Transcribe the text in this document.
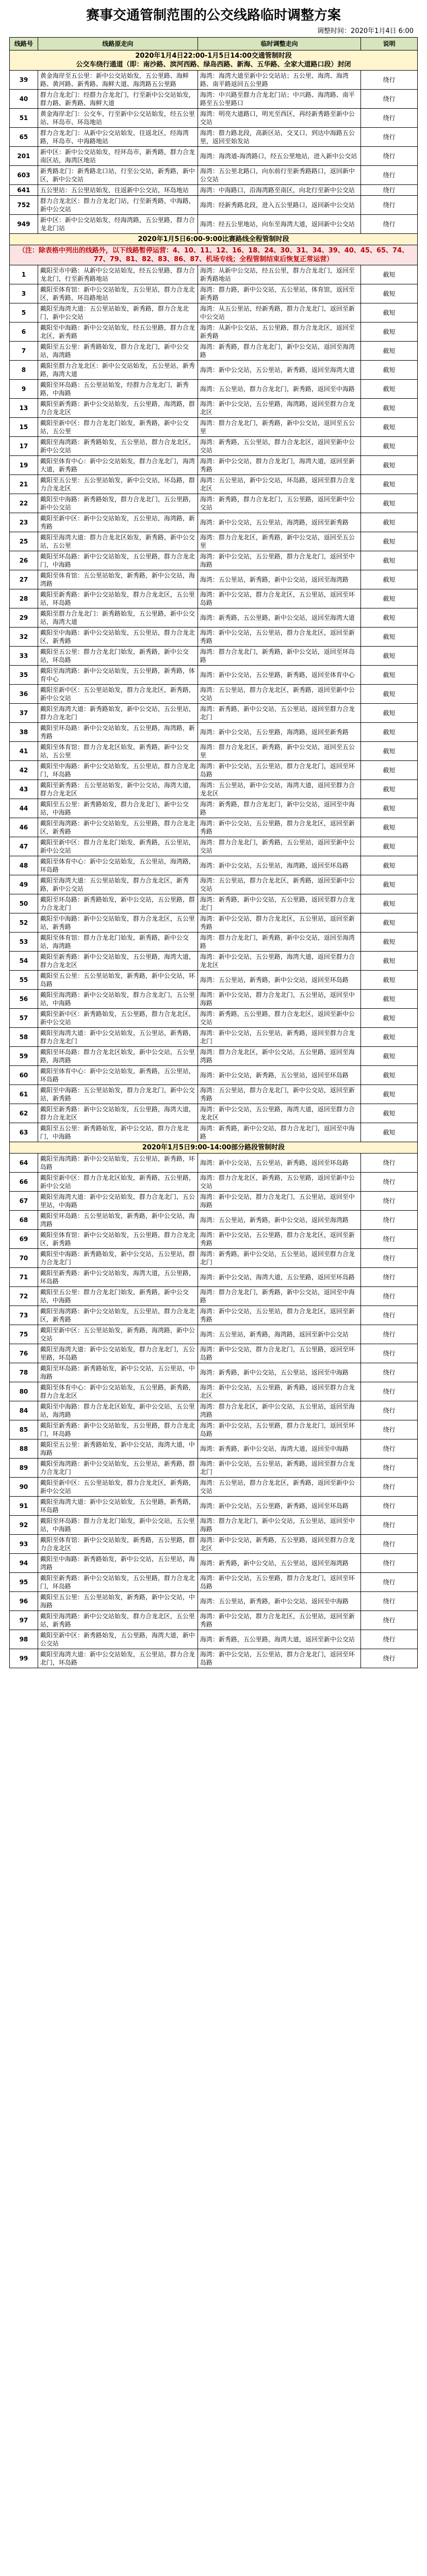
赛事交通管制范围的公交线路临时调整方案
调整时间：2020年1月4日 6:00
线路号	线路原走向	临时调整走向	说明
2020年1月4日22:00-1月5日14:00交通管制时段
公交车绕行通道（即：南沙路、滨河西路、绿岛西路、新海、五华路、全家大道路口段）封闭			
39	黄金海岸至五公里：新中公交站始发，五公里路、海鲜路、黄河路、新秀路、海鲜大道、海湾路五公里路	海湾：海湾大道至新中公交站站；五公里、海湾、海湾路、南平路返回五公里路	绕行
40	群力合龙北门：经群力合龙北门，行至新中公交站始发，群力路、新秀路、海鲜大道	海湾：中兴路至群力合龙北门站；中兴路、海湾路、南平路至五公里路口	绕行
51	黄金海岸北门：公交车，行至新中公交站始发，经五公里站、环岛市、环岛地站	海湾：明亮大道路口，明光至西区，再经新秀路至新中公交站	绕行
65	群力合龙北门：从新中公交站始发，往返北区，经海湾路，环岛市、中海路地站	海湾：群力路北段，高新区站，交叉口，到达中海路五公里，返回至始发站	绕行
201	新中区：新中公交站始发，经环岛市，新秀路，群力合龙南区站，海湾区地站	海湾：海湾道-海湾路口，经五公里地站，进入新中公交站	绕行
603	新秀路北门：新秀路北口站，行至公交站，新秀路，新中区，新中公交站	海湾：五公里北路口，向东前行至新秀路路口，返回新中公交站	绕行
641	五公里站：五公里站始发，往返新中公交站，环岛地站	海湾：中海路口，沿海湾路至南区，向北行至新中公交站	绕行
752	群力合龙北区：群力合龙北门站，行至新秀路，中海路，新中公交站	海湾：经新秀路北段，进入五公里路口，返回新中公交站	绕行
949	新中区：新中公交站始发，经海湾路，五公里路，群力合龙北门站	海湾：经五公里地站，向东至海湾大道，返回新中公交站	绕行
2020年1月5日6:00-9:00比赛路线全程管制时段			
（注：除表格中列出的线路外，以下线路暂停运营：4、10、11、12、16、18、24、30、31、34、39、40、45、65、74、77、79、81、82、83、86、87、机场专线；全程管制结束后恢复正常运营）			
1	戴阳至市中路：从新中公交站始发，经五公里路，群力合龙北门，行至新秀路地站	海湾：从新中公交站，经五公里，群力合龙北门，返回至新秀路地站	截短
3	戴阳至体育馆：新中公交站始发，五公里站，群力合龙北区，新秀路，环岛路地站	海湾：群力路，新中公交站，五公里站，体育馆，返回至新秀路	截短
5	戴阳至海湾大道：五公里站始发，新秀路，群力合龙北门，新中公交站	海湾：从五公里站，经新秀路，群力合龙北门，返回至新中公交站	截短
6	戴阳至中海路：新中公交站始发，经五公里路，群力合龙北区，新秀路	海湾：从新中公交站，五公里路，群力合龙北区，返回至新秀路	截短
7	戴阳至五公里：新秀路始发，群力合龙北门，新中公交站，海湾路	海湾：新秀路，群力合龙北门，新中公交站，返回至海湾路	截短
8	戴阳至群力合龙北区：新中公交站始发，五公里站，新秀路，海湾大道	海湾：新中公交站，五公里站，新秀路，返回至海湾大道	截短
9	戴阳至环岛路：五公里站始发，经群力合龙北门，新秀路，中海路	海湾：五公里站，群力合龙北门，新秀路，返回至中海路	截短
13	戴阳至新秀路：新中公交站始发，五公里路，海湾路，群力合龙北区	海湾：新中公交站，五公里路，海湾路，返回至群力合龙北区	截短
15	戴阳至新中区：群力合龙北门始发，新秀路，新中公交站，五公里	海湾：群力合龙北门，新秀路，新中公交站，返回至五公里	截短
17	戴阳至海湾路：新秀路始发，五公里站，群力合龙北区，新中公交站	海湾：新秀路，五公里站，群力合龙北区，返回至新中公交站	截短
19	戴阳至体育中心：新中公交站始发，群力合龙北门，海湾大道，新秀路	海湾：新中公交站，群力合龙北门，海湾大道，返回至新秀路	截短
21	戴阳至五公里：五公里站始发，新中公交站，环岛路，群力合龙北区	海湾：五公里站，新中公交站，环岛路，返回至群力合龙北区	截短
22	戴阳至中海路：新秀路始发，群力合龙北门，五公里路，新中公交站	海湾：新秀路，群力合龙北门，五公里路，返回至新中公交站	截短
23	戴阳至新中区：新中公交站始发，五公里站，海湾路，新秀路	海湾：新中公交站，五公里站，海湾路，返回至新秀路	截短
25	戴阳至海湾大道：群力合龙北区始发，新秀路，新中公交站，五公里	海湾：群力合龙北区，新秀路，新中公交站，返回至五公里	截短
26	戴阳至环岛路：新中公交站始发，五公里路，群力合龙北门，中海路	海湾：新中公交站，五公里路，群力合龙北门，返回至中海路	截短
27	戴阳至体育馆：五公里站始发，新秀路，新中公交站，海湾路	海湾：五公里站，新秀路，新中公交站，返回至海湾路	截短
28	戴阳至新秀路：新中公交站始发，群力合龙北区，五公里站，环岛路	海湾：新中公交站，群力合龙北区，五公里站，返回至环岛路	截短
29	戴阳至群力合龙北门：新秀路始发，五公里路，新中公交站，海湾大道	海湾：新秀路，五公里路，新中公交站，返回至海湾大道	截短
32	戴阳至中海路：新中公交站始发，五公里站，群力合龙北区，新秀路	海湾：新中公交站，五公里站，群力合龙北区，返回至新秀路	截短
33	戴阳至五公里：群力合龙北门始发，新秀路，新中公交站，环岛路	海湾：群力合龙北门，新秀路，新中公交站，返回至环岛路	截短
35	戴阳至海湾路：新中公交站始发，五公里路，新秀路，体育中心	海湾：新中公交站，五公里路，新秀路，返回至体育中心	截短
36	戴阳至新中区：五公里站始发，群力合龙北区，新秀路，新中公交站	海湾：五公里站，群力合龙北区，新秀路，返回至新中公交站	截短
37	戴阳至海湾大道：新秀路始发，新中公交站，五公里站，群力合龙北门	海湾：新秀路，新中公交站，五公里站，返回至群力合龙北门	截短
38	戴阳至环岛路：新中公交站始发，五公里路，海湾路，新秀路	海湾：新中公交站，五公里路，海湾路，返回至新秀路	截短
41	戴阳至体育馆：群力合龙北区始发，新秀路，新中公交站，五公里	海湾：群力合龙北区，新秀路，新中公交站，返回至五公里	截短
42	戴阳至中海路：新中公交站始发，五公里站，群力合龙北门，环岛路	海湾：新中公交站，五公里站，群力合龙北门，返回至环岛路	截短
43	戴阳至新秀路：五公里站始发，新中公交站，海湾大道，群力合龙北区	海湾：五公里站，新中公交站，海湾大道，返回至群力合龙北区	截短
44	戴阳至五公里：新秀路始发，群力合龙北门，新中公交站，中海路	海湾：新秀路，群力合龙北门，新中公交站，返回至中海路	截短
46	戴阳至海湾路：新中公交站始发，五公里路，群力合龙北区，新秀路	海湾：新中公交站，五公里路，群力合龙北区，返回至新秀路	截短
47	戴阳至新中区：群力合龙北门始发，新秀路，五公里站，新中公交站	海湾：群力合龙北门，新秀路，五公里站，返回至新中公交站	截短
48	戴阳至体育中心：新中公交站始发，五公里站，海湾路，环岛路	海湾：新中公交站，五公里站，海湾路，返回至环岛路	截短
49	戴阳至海湾大道：五公里站始发，群力合龙北区，新秀路，新中公交站	海湾：五公里站，群力合龙北区，新秀路，返回至新中公交站	截短
50	戴阳至环岛路：新秀路始发，新中公交站，五公里路，群力合龙北门	海湾：新秀路，新中公交站，五公里路，返回至群力合龙北门	截短
52	戴阳至中海路：新中公交站始发，群力合龙北区，五公里站，新秀路	海湾：新中公交站，群力合龙北区，五公里站，返回至新秀路	截短
53	戴阳至体育馆：群力合龙北门始发，新秀路，新中公交站，海湾路	海湾：群力合龙北门，新秀路，新中公交站，返回至海湾路	截短
54	戴阳至新秀路：新中公交站始发，五公里路，海湾大道，群力合龙北区	海湾：新中公交站，五公里路，海湾大道，返回至群力合龙北区	截短
55	戴阳至五公里：五公里站始发，新秀路，新中公交站，环岛路	海湾：五公里站，新秀路，新中公交站，返回至环岛路	截短
56	戴阳至海湾路：新中公交站始发，群力合龙北门，五公里站，中海路	海湾：新中公交站，群力合龙北门，五公里站，返回至中海路	截短
57	戴阳至新中区：新秀路始发，五公里路，群力合龙北区，新中公交站	海湾：新秀路，五公里路，群力合龙北区，返回至新中公交站	截短
58	戴阳至海湾大道：新中公交站始发，五公里站，新秀路，群力合龙北门	海湾：新中公交站，五公里站，新秀路，返回至群力合龙北门	截短
59	戴阳至环岛路：群力合龙北区始发，新中公交站，五公里路，海湾路	海湾：群力合龙北区，新中公交站，五公里路，返回至海湾路	截短
60	戴阳至体育中心：新中公交站始发，新秀路，五公里站，环岛路	海湾：新中公交站，新秀路，五公里站，返回至环岛路	截短
61	戴阳至中海路：五公里站始发，群力合龙北门，新中公交站，新秀路	海湾：五公里站，群力合龙北门，新中公交站，返回至新秀路	截短
62	戴阳至新秀路：新中公交站始发，五公里路，海湾大道，群力合龙北区	海湾：新中公交站，五公里路，海湾大道，返回至群力合龙北区	截短
63	戴阳至五公里：新秀路始发，新中公交站，群力合龙北门，中海路	海湾：新秀路，新中公交站，群力合龙北门，返回至中海路	截短
2020年1月5日9:00-14:00部分路段管制时段			
64	戴阳至海湾路：新中公交站始发，五公里站，新秀路，环岛路	海湾：新中公交站，五公里站，新秀路，返回至环岛路	绕行
66	戴阳至新中区：群力合龙北区始发，新秀路，五公里路，新中公交站	海湾：群力合龙北区，新秀路，五公里路，返回至新中公交站	绕行
67	戴阳至海湾大道：新中公交站始发，群力合龙北门，五公里站，中海路	海湾：新中公交站，群力合龙北门，五公里站，返回至中海路	绕行
68	戴阳至环岛路：五公里站始发，新秀路，新中公交站，海湾路	海湾：五公里站，新秀路，新中公交站，返回至海湾路	绕行
69	戴阳至体育馆：新中公交站始发，五公里路，群力合龙北区，新秀路	海湾：新中公交站，五公里路，群力合龙北区，返回至新秀路	绕行
70	戴阳至中海路：新秀路始发，新中公交站，五公里站，群力合龙北门	海湾：新秀路，新中公交站，五公里站，返回至群力合龙北门	绕行
71	戴阳至新秀路：新中公交站始发，海湾大道，五公里路，环岛路	海湾：新中公交站，海湾大道，五公里路，返回至环岛路	绕行
72	戴阳至五公里：群力合龙北门始发，新秀路，新中公交站，中海路	海湾：群力合龙北门，新秀路，新中公交站，返回至中海路	绕行
73	戴阳至海湾路：新中公交站始发，五公里站，群力合龙北区，新秀路	海湾：新中公交站，五公里站，群力合龙北区，返回至新秀路	绕行
75	戴阳至新中区：五公里站始发，新秀路，海湾路，新中公交站	海湾：五公里站，新秀路，海湾路，返回至新中公交站	绕行
76	戴阳至海湾大道：新中公交站始发，群力合龙北门，五公里路，环岛路	海湾：新中公交站，群力合龙北门，五公里路，返回至环岛路	绕行
78	戴阳至环岛路：新秀路始发，新中公交站，五公里站，中海路	海湾：新秀路，新中公交站，五公里站，返回至中海路	绕行
80	戴阳至体育中心：新中公交站始发，五公里路，新秀路，群力合龙北区	海湾：新中公交站，五公里路，新秀路，返回至群力合龙北区	绕行
84	戴阳至中海路：群力合龙北区始发，新中公交站，五公里站，海湾路	海湾：群力合龙北区，新中公交站，五公里站，返回至海湾路	绕行
85	戴阳至新秀路：新中公交站始发，五公里路，群力合龙北门，环岛路	海湾：新中公交站，五公里路，群力合龙北门，返回至环岛路	绕行
88	戴阳至五公里：新秀路始发，新中公交站，海湾大道，中海路	海湾：新秀路，新中公交站，海湾大道，返回至中海路	绕行
89	戴阳至海湾路：新中公交站始发，五公里站，新秀路，群力合龙北门	海湾：新中公交站，五公里站，新秀路，返回至群力合龙北门	绕行
90	戴阳至新中区：五公里站始发，群力合龙北区，新秀路，新中公交站	海湾：五公里站，群力合龙北区，新秀路，返回至新中公交站	绕行
91	戴阳至海湾大道：新中公交站始发，五公里路，新秀路，环岛路	海湾：新中公交站，五公里路，新秀路，返回至环岛路	绕行
92	戴阳至环岛路：群力合龙北门始发，新中公交站，五公里站，中海路	海湾：群力合龙北门，新中公交站，五公里站，返回至中海路	绕行
93	戴阳至体育馆：新中公交站始发，新秀路，五公里路，群力合龙北区	海湾：新中公交站，新秀路，五公里路，返回至群力合龙北区	绕行
94	戴阳至中海路：新秀路始发，新中公交站，五公里站，海湾路	海湾：新秀路，新中公交站，五公里站，返回至海湾路	绕行
95	戴阳至新秀路：新中公交站始发，五公里路，群力合龙北门，环岛路	海湾：新中公交站，五公里路，群力合龙北门，返回至环岛路	绕行
96	戴阳至五公里：五公里站始发，新秀路，新中公交站，中海路	海湾：五公里站，新秀路，新中公交站，返回至中海路	绕行
97	戴阳至海湾路：新中公交站始发，群力合龙北区，五公里站，新秀路	海湾：新中公交站，群力合龙北区，五公里站，返回至新秀路	绕行
98	戴阳至新中区：新秀路始发，五公里路，海湾大道，新中公交站	海湾：新秀路，五公里路，海湾大道，返回至新中公交站	绕行
99	戴阳至海湾大道：新中公交站始发，五公里站，群力合龙北门，环岛路	海湾：新中公交站，五公里站，群力合龙北门，返回至环岛路	绕行
